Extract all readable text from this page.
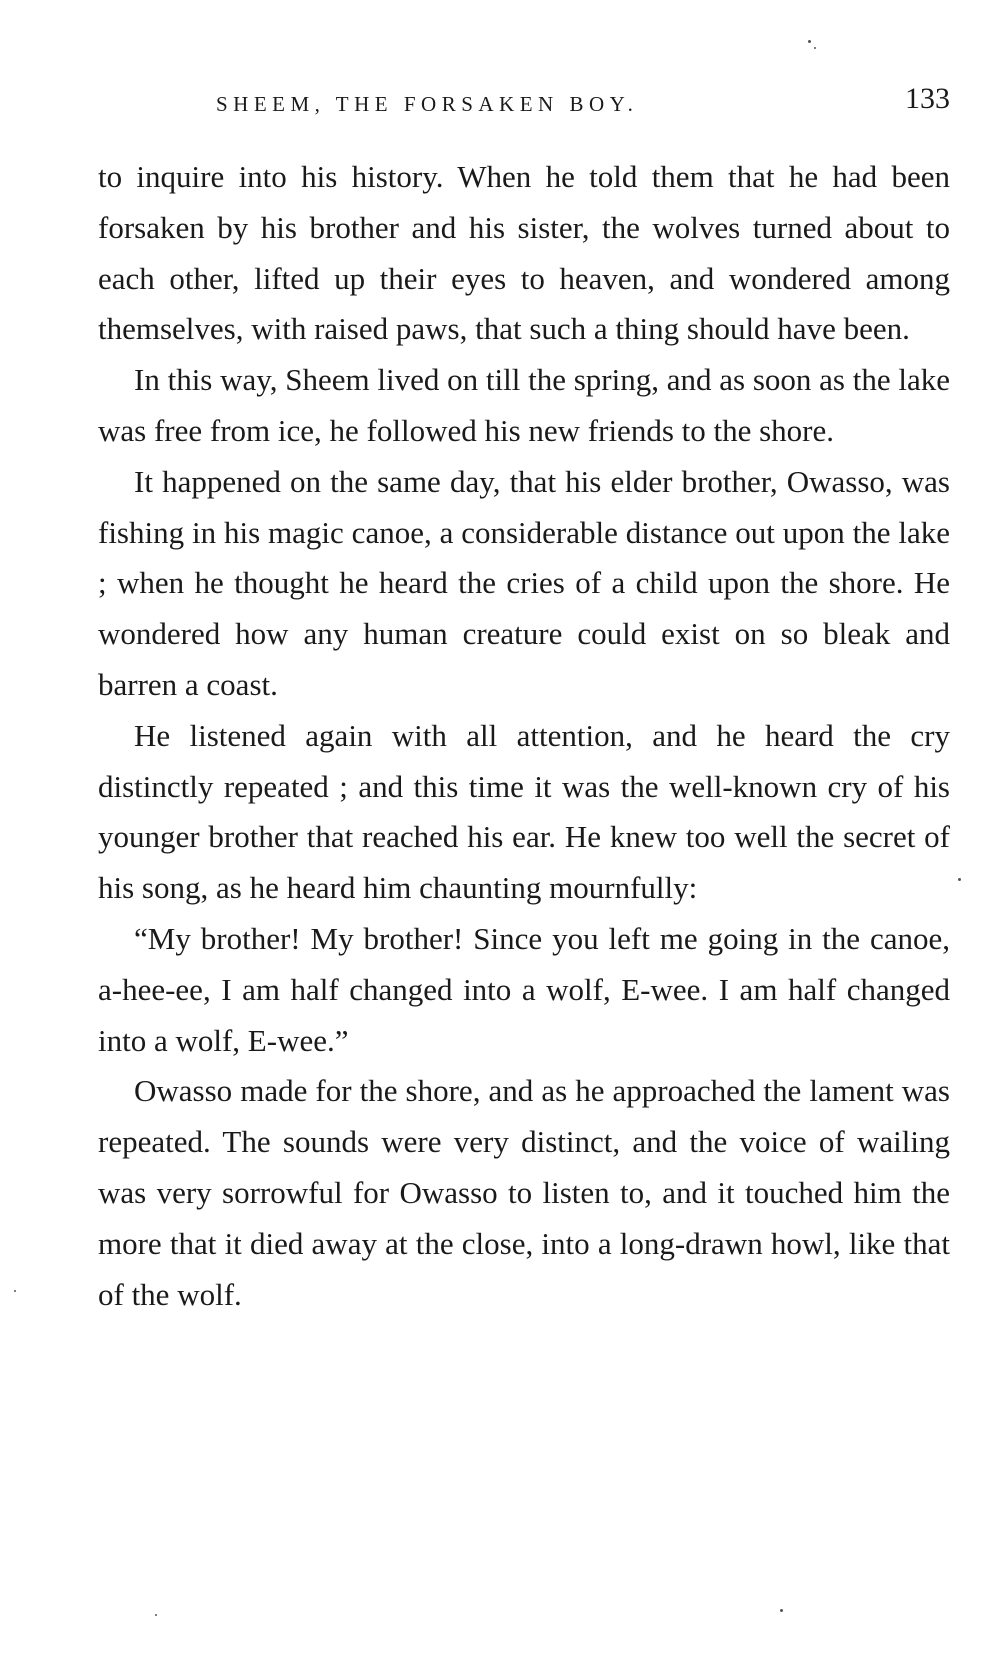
SHEEM, THE FORSAKEN BOY.	133

to inquire into his history. When he told them that he had been forsaken by his brother and his sister, the wolves turned about to each other, lifted up their eyes to heaven, and wondered among themselves, with raised paws, that such a thing should have been.

In this way, Sheem lived on till the spring, and as soon as the lake was free from ice, he followed his new friends to the shore.

It happened on the same day, that his elder brother, Owasso, was fishing in his magic canoe, a considerable distance out upon the lake ; when he thought he heard the cries of a child upon the shore. He wondered how any human creature could exist on so bleak and barren a coast.

He listened again with all attention, and he heard the cry distinctly repeated ; and this time it was the well-known cry of his younger brother that reached his ear. He knew too well the secret of his song, as he heard him chaunting mournfully:

“My brother! My brother! Since you left me going in the canoe, a-hee-ee, I am half changed into a wolf, E-wee. I am half changed into a wolf, E-wee.”

Owasso made for the shore, and as he approached the lament was repeated. The sounds were very distinct, and the voice of wailing was very sorrowful for Owasso to listen to, and it touched him the more that it died away at the close, into a long-drawn howl, like that of the wolf.
